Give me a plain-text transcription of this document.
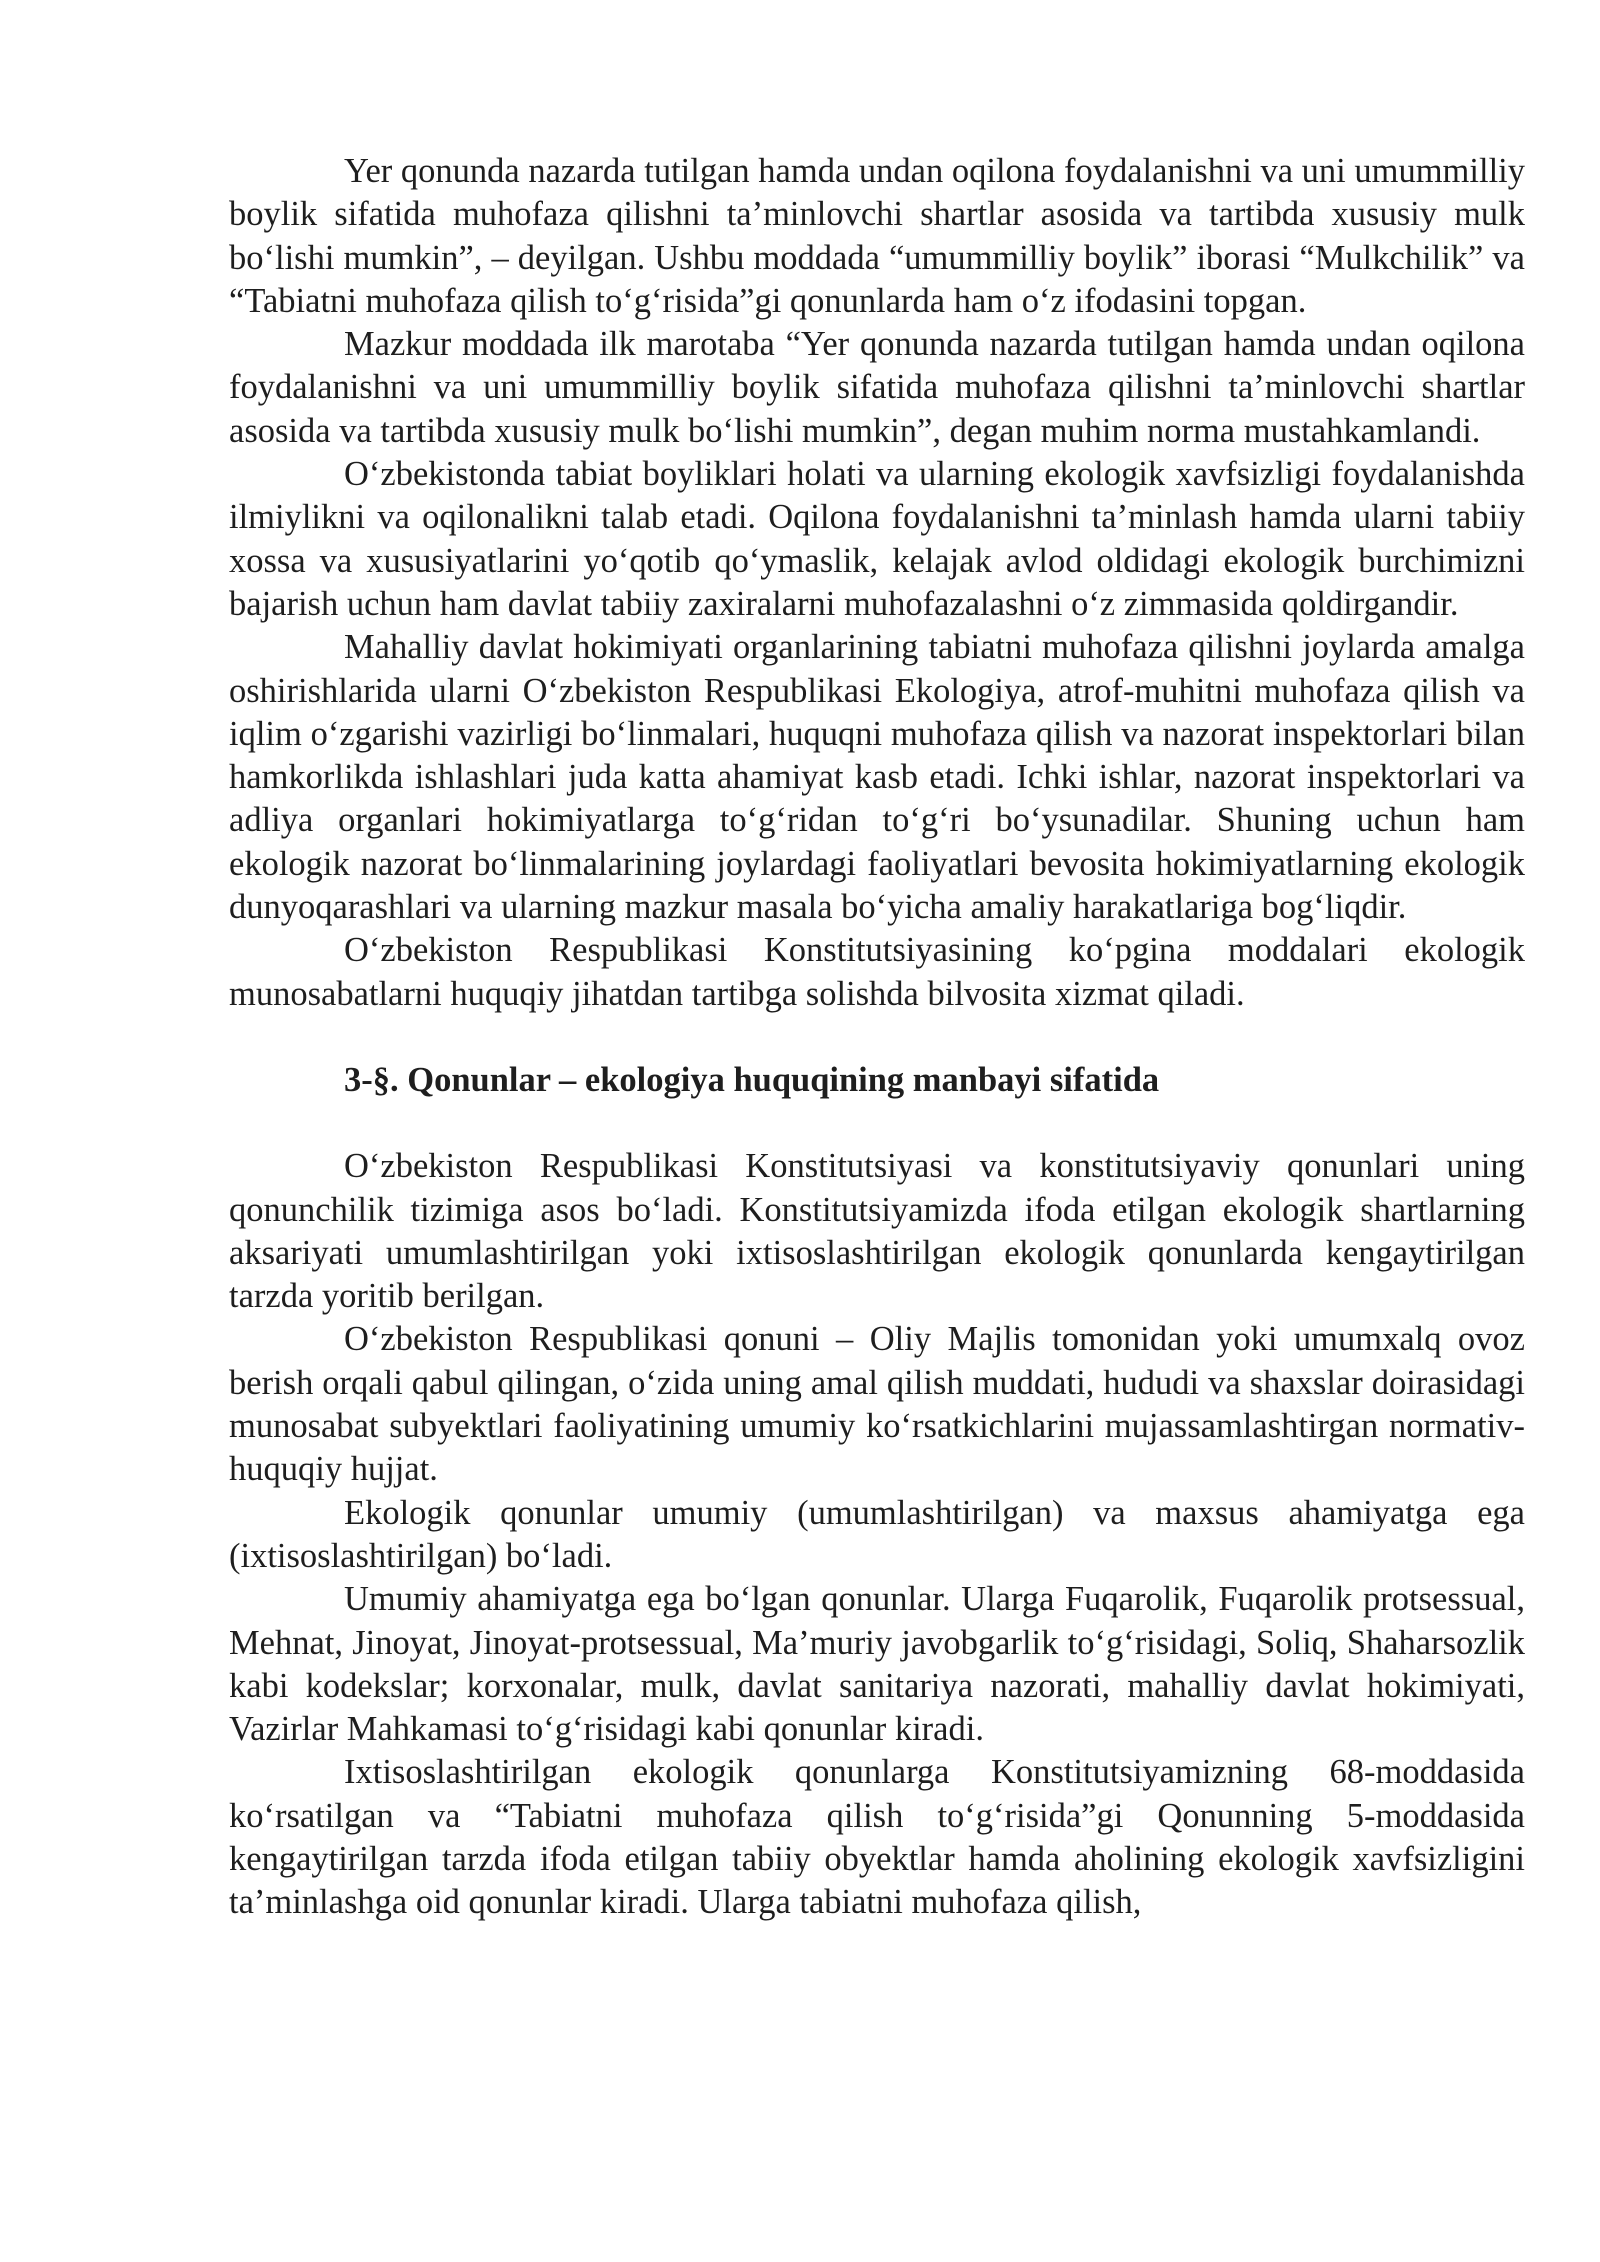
Yer qonunda nazarda tutilgan hamda undan oqilona foydalanishni va uni umummilliy boylik sifatida muhofaza qilishni ta’minlovchi shartlar asosida va tartibda xususiy mulk bo‘lishi mumkin”, – deyilgan. Ushbu moddada “umummilliy boylik” iborasi “Mulkchilik” va “Tabiatni muhofaza qilish to‘g‘risida”gi qonunlarda ham o‘z ifodasini topgan.

Mazkur moddada ilk marotaba “Yer qonunda nazarda tutilgan hamda undan oqilona foydalanishni va uni umummilliy boylik sifatida muhofaza qilishni ta’minlovchi shartlar asosida va tartibda xususiy mulk bo‘lishi mumkin”, degan muhim norma mustahkamlandi.

O‘zbekistonda tabiat boyliklari holati va ularning ekologik xavfsizligi foydalanishda ilmiylikni va oqilonalikni talab etadi. Oqilona foydalanishni ta’minlash hamda ularni tabiiy xossa va xususiyatlarini yo‘qotib qo‘ymaslik, kelajak avlod oldidagi ekologik burchimizni bajarish uchun ham davlat tabiiy zaxiralarni muhofazalashni o‘z zimmasida qoldirgandir.

Mahalliy davlat hokimiyati organlarining tabiatni muhofaza qilishni joylarda amalga oshirishlarida ularni O‘zbekiston Respublikasi Ekologiya, atrof-muhitni muhofaza qilish va iqlim o‘zgarishi vazirligi bo‘linmalari, huquqni muhofaza qilish va nazorat inspektorlari bilan hamkorlikda ishlashlari juda katta ahamiyat kasb etadi. Ichki ishlar, nazorat inspektorlari va adliya organlari hokimiyatlarga to‘g‘ridan to‘g‘ri bo‘ysunadilar. Shuning uchun ham ekologik nazorat bo‘linmalarining joylardagi faoliyatlari bevosita hokimiyatlarning ekologik dunyoqarashlari va ularning mazkur masala bo‘yicha amaliy harakatlariga bog‘liqdir.

O‘zbekiston Respublikasi Konstitutsiyasining ko‘pgina moddalari ekologik munosabatlarni huquqiy jihatdan tartibga solishda bilvosita xizmat qiladi.

3-§. Qonunlar – ekologiya huquqining manbayi sifatida

O‘zbekiston Respublikasi Konstitutsiyasi va konstitutsiyaviy qonunlari uning qonunchilik tizimiga asos bo‘ladi. Konstitutsiyamizda ifoda etilgan ekologik shartlarning aksariyati umumlashtirilgan yoki ixtisoslashtirilgan ekologik qonunlarda kengaytirilgan tarzda yoritib berilgan.

O‘zbekiston Respublikasi qonuni – Oliy Majlis tomonidan yoki umumxalq ovoz berish orqali qabul qilingan, o‘zida uning amal qilish muddati, hududi va shaxslar doirasidagi munosabat subyektlari faoliyatining umumiy ko‘rsatkichlarini mujassamlashtirgan normativ-huquqiy hujjat.

Ekologik qonunlar umumiy (umumlashtirilgan) va maxsus ahamiyatga ega (ixtisoslashtirilgan) bo‘ladi.

Umumiy ahamiyatga ega bo‘lgan qonunlar. Ularga Fuqarolik, Fuqarolik protsessual, Mehnat, Jinoyat, Jinoyat-protsessual, Ma’muriy javobgarlik to‘g‘risidagi, Soliq, Shaharsozlik kabi kodekslar; korxonalar, mulk, davlat sanitariya nazorati, mahalliy davlat hokimiyati, Vazirlar Mahkamasi to‘g‘risidagi kabi qonunlar kiradi.

Ixtisoslashtirilgan ekologik qonunlarga Konstitutsiyamizning 68-moddasida ko‘rsatilgan va “Tabiatni muhofaza qilish to‘g‘risida”gi Qonunning 5-moddasida kengaytirilgan tarzda ifoda etilgan tabiiy obyektlar hamda aholining ekologik xavfsizligini ta’minlashga oid qonunlar kiradi. Ularga tabiatni muhofaza qilish,
